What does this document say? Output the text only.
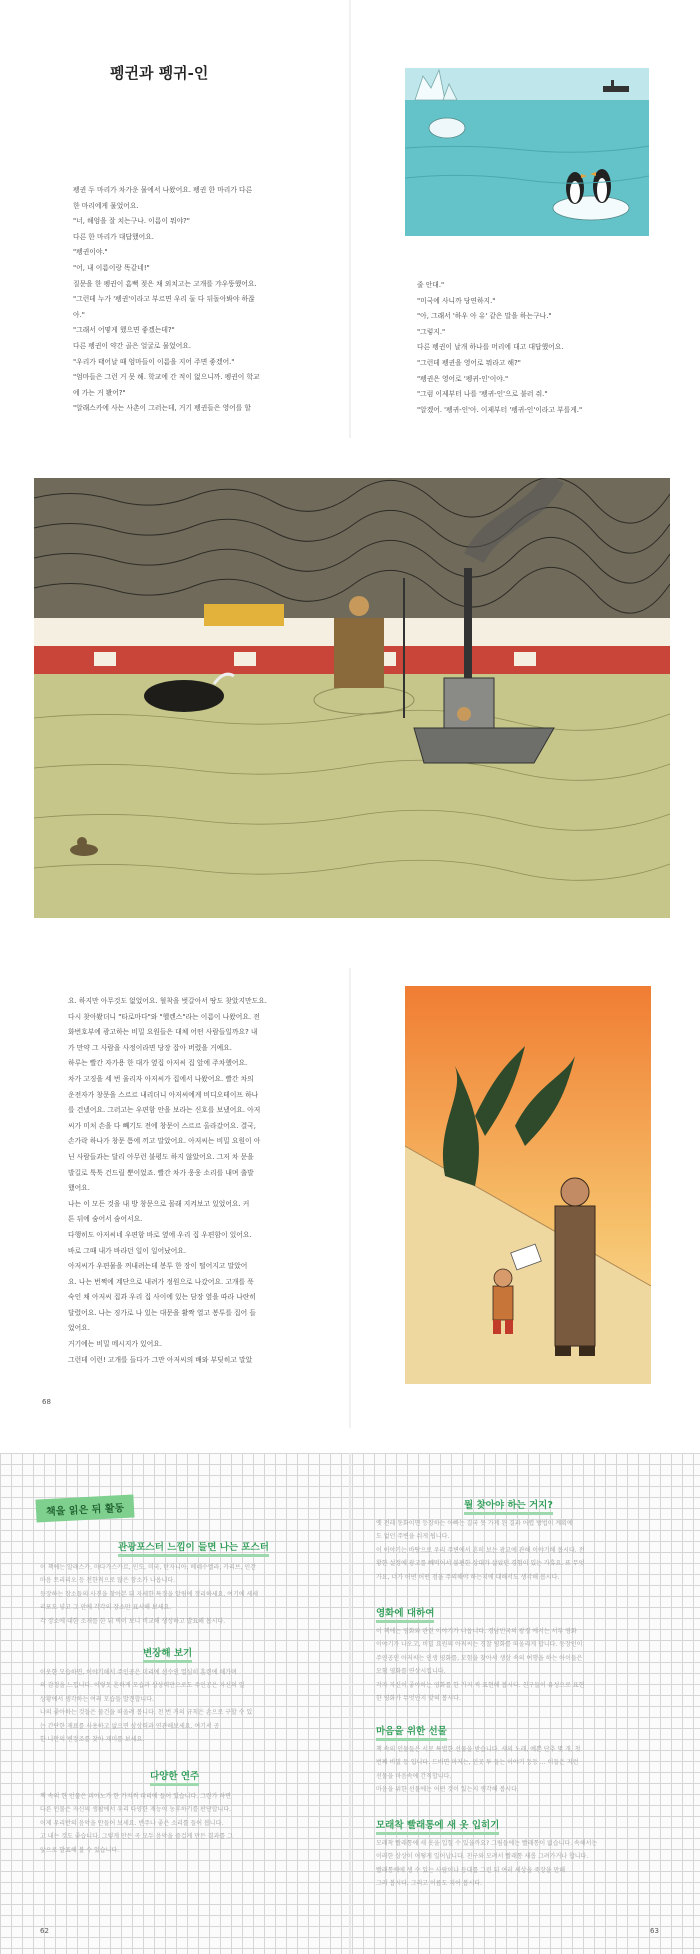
펭귄과 펭귀-인
펭귄 두 마리가 차가운 물에서 나왔어요. 펭귄 한 마리가 다른
한 마리에게 물었어요.
"너, 해엄을 잘 치는구나. 이름이 뭐야?"
다른 한 마리가 대답했어요.
"펭귄이야."
"어, 내 이름이랑 똑같네!"
질문을 한 펭귄이 흠뻑 젖은 채 외치고는 고개를 갸우뚱했어요.
"그런데 누가 '펭귄'이라고 부르면 우리 둘 다 뒤돌아봐야 하잖
아."
"그래서 어떻게 했으면 좋겠는데?"
다른 펭귄이 약간 골은 얼굴로 물었어요.
"우리가 태어날 때 엄마들이 이름을 지어 주면 좋겠어."
"엄마들은 그런 거 못 해. 학교에 간 적이 없으니까. 펭귄이 학교
에 가는 거 봤어?"
"알래스카에 사는 사촌이 그러는데, 거기 펭귄들은 영어를 할
줄 안대."
"미국에 사니까 당연하지."
"아, 그래서 '하우 아 유' 같은 말을 하는구나."
"그렇지."
다른 펭귄이 날개 하나를 머리에 대고 대답했어요.
"그런데 펭귄을 영어로 뭐라고 해?"
"펭귄은 영어로 '펭귀-인'이야."
"그럼 이제부터 나를 '펭귀-인'으로 불러 줘."
"알겠어. '펭귀-인'아. 이제부터 '펭귀-인'이라고 부를게."
요. 하지만 아무것도 없었어요. 혈착을 벗갈아서 땅도 찾았지만도요.
다시 찾아봤더니 "타로마다"와 "헬렌스"라는 이름이 나왔어요. 전
화번호부에 광고하는 비밀 요원들은 대체 어떤 사람들일까요? 내
가 만약 그 사람을 사정이라면 당장 잡아 버렸을 거예요.
하루는 빨간 자가용 한 대가 옆집 아저씨 집 앞에 주차했어요.
차가 고징을 세 번 울리자 아저씨가 집에서 나왔어요. 빨간 차의
운전자가 창문을 스르르 내리더니 아저씨에게 비디오테이프 하나
를 건넸어요. 그러고는 우편함 안을 보라는 신호를 보냈어요. 아저
씨가 미처 손을 다 빼기도 전에 창문이 스르르 올라갔어요. 결국,
손가락 하나가 창문 틈에 끼고 말았어요. 아저씨는 비밀 요원이 아
닌 사람들과는 달리 아무런 불평도 하지 않았어요. 그저 차 문을
발길로 툭툭 건드릴 뿐이었죠. 빨간 차가 웅웅 소리를 내며 출발
했어요.
나는 이 모든 것을 내 방 창문으로 몰래 지켜보고 있었어요. 커
튼 뒤에 숨어서 숨어서요.
다행히도 아저씨네 우편함 바로 옆에 우리 집 우편함이 있어요.
바로 그때 내가 바라던 일이 일어났어요.
아저씨가 우편물을 꺼내려는데 봉투 한 장이 떨어지고 말았어
요. 나는 번쩍에 계단으로 내려가 정원으로 나갔어요. 고개를 푹
숙인 채 아저씨 집과 우리 집 사이에 있는 담장 옆을 따라 나란히
달렸어요. 나는 징가로 나 있는 대문을 활짝 열고 봉투를 집어 들
었어요.
거기에는 비밀 메시지가 있어요.
그런데 이런! 고개를 들다가 그만 아저씨의 배와 부딪히고 말았
68
책을 읽은 뒤 활동
관광포스터 느낌이 들면 나는 포스터
이 책에는 알래스카, 마다가스카르, 인도, 미국, 탄자니아, 베네수엘라, 카리브, 인간
마음 트리리오 등 전한적으로 많은 장소가 나옵니다.
등장하는 장소들의 사진을 찾아본 뒤 자세한 특징을 알림에 정리하세요. 여기에 세세
리포도 넣고 그 안에 각각의 장소만 표시해 보세요.
각 장소에 대한 소개를 한 뒤 벽이 보니 비교해 생성하고 발표해 봅시다.
변장해 보기
이웃한 모습하면, 이야기해서 주인공은 미리에 선수인 열심히 훈련에 해가며
의 감정을 느낍니다. 이렇듯 흔하게 모습과 상상력만으로도 주인공은 자신의 일
상황에서 생각하는 여러 모습들 발견합니다.
나의 좋아하는 것들은 물건을 떠올려 봅니다. 천 번 거의 규칙은 손으로 구할 수 있
는 간단한 재료를 사용하고 없으면 상상력과 연관해보세요. 여기서 공
한 나만의 변장조를 찾아 재미를 보세요.
다양한 연주
책 속의 한 인물은 피아노가 한 가지씩 피리에 들어 있습니다. 그런가 하면
다른 인물은 자신의 생활에서 우리 다양한 재능이 농후하기를 판단합니다.
이제 우리반의 음악을 만들어 보세요. 반주나 좋은 소리를 들어 봅니다.
고 내는 것도 좋습니다. 그렇게 만든 곡 모두 음악을 즐겁게 만든 결과를 그
앞으로 발표해 볼 수 있습니다.
62
뭘 찾아야 하는 거지?
옛 전래 동화이면 등장하는 아빠는 결국 못 가게 된 결과 어렵 방법이 계획에
도 없던 주변을 쉬게 됩니다.
이 이야기는 바탕으로 우리 주변에서 흔히 보는 광고에 관해 이야기해 봅시다. 전
황한 설정에 광고를 빼먹어서 불편한 상대가 살았던 경험이 있는 가혹요. 또 무엇
가요, 너가 어떤 어떤 점을 주의해야 하는지에 대해서도 생각해 봅시다.
영화에 대하여
이 책에는 영화와 관련 이야기가 나옵니다. 경남민국의 광경 에서는 서부 영화
이야기가 나오고, 비밀 요원의 아저씨는 경찰 영화를 떠올리게 합니다. 등장인이
주인공인 아저씨는 인생 영화를, 모험을 찾아서 생상 속의 여행을 하는 아이들은
모험 영화를 연상시킵니다.
각자 자신이 좋아하는 영화를 한 가지 씩 표현해 봅시다. 친구들이 유성으로 표현
한 영화가 무엇인지 맞혀 봅시다.
마음을 위한 선물
책 속의 인물들은 서로 특별한 선물을 받습니다. 새의 노래, 예쁜 단추 몇 개, 첫
번째 비밀 등 입니다. 드비면 마저는, 인곳 투 들는 이야기 등등 ... 이들은 저런
선물을 마음속에 간직합니다.
마음을 위한 선물에는 어떤 것이 있는지 생각해 봅시다.
모래착 빨래통에 새 옷 입히기
모래착 빨래통에 새 옷을 입힐 수 있을까요? 그림들에는 빨래통이 없습니다. 속해서는
이러한 상상이 어떻게 일어납니다. 친구와 모려서 빨래통 새롭 그려가거나 합니다.
빨래통에에 생 수 있는 사람이나 등대를 그린 뒤 여러 세상을 죽장을 만해
그러 봅시다. 그리고 이름도 지어 봅시다.
63
